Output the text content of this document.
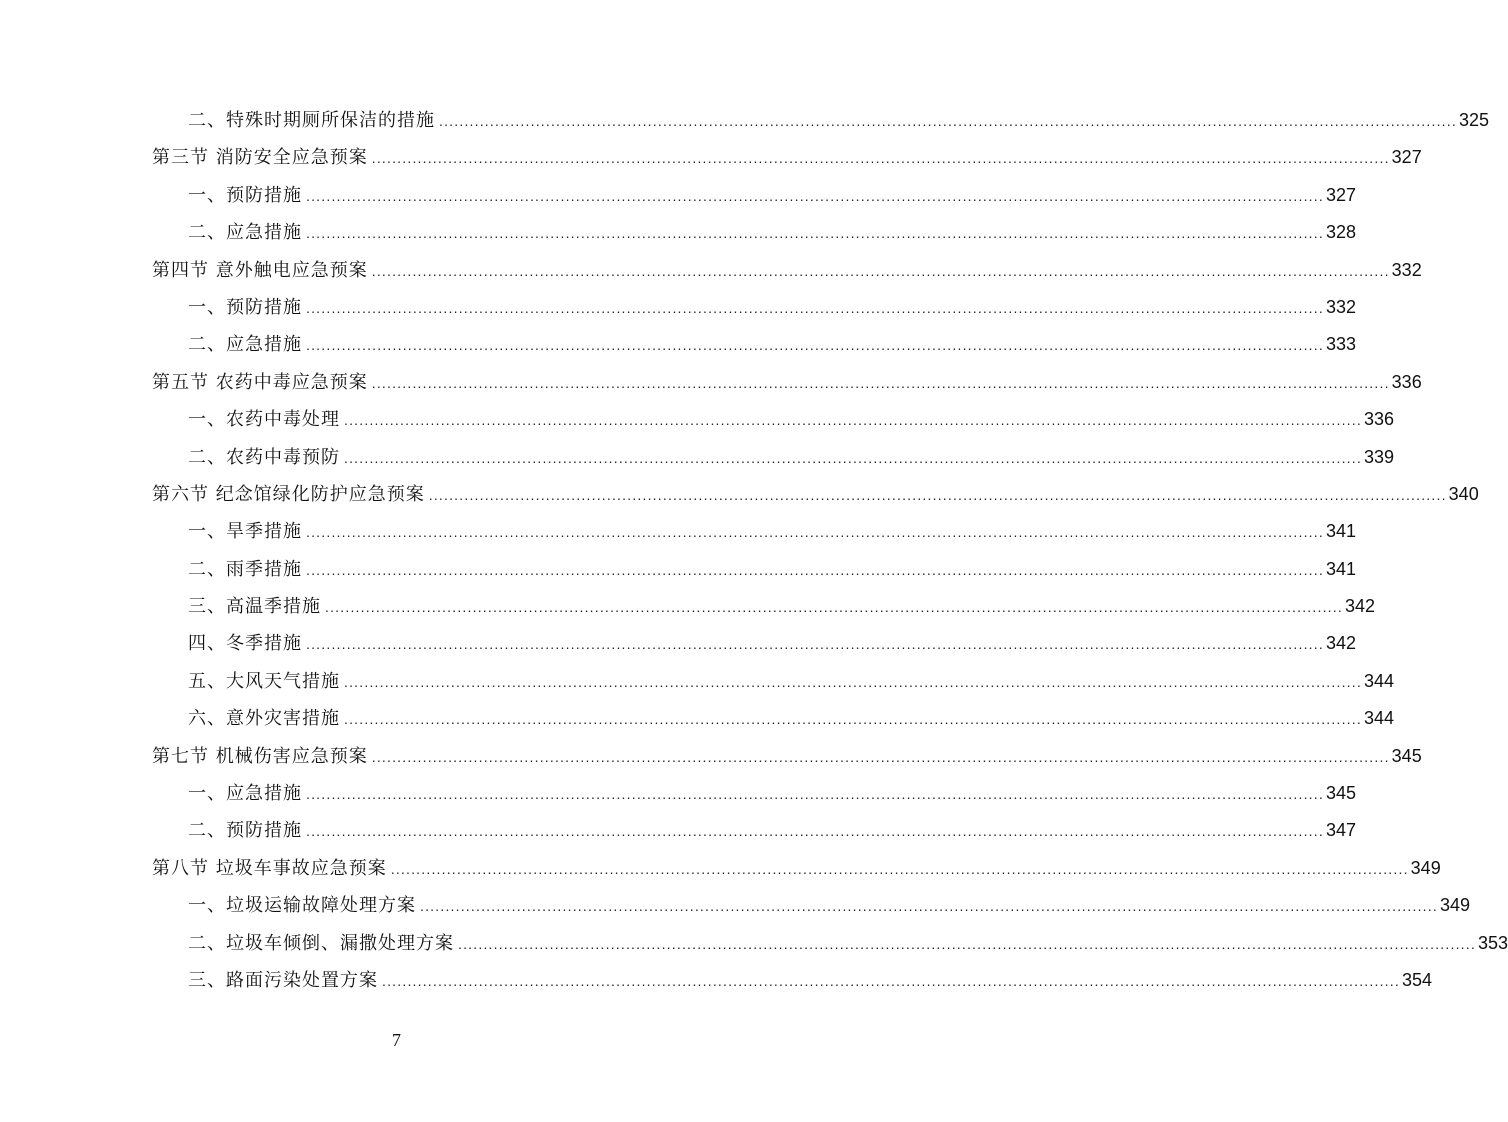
二、特殊时期厕所保洁的措施 ........................................................................................................................................................................................................ 325
第三节 消防安全应急预案 ........................................................................................................................................................................................................ 327
一、预防措施 ........................................................................................................................................................................................................ 327
二、应急措施 ........................................................................................................................................................................................................ 328
第四节 意外触电应急预案 ........................................................................................................................................................................................................ 332
一、预防措施 ........................................................................................................................................................................................................ 332
二、应急措施 ........................................................................................................................................................................................................ 333
第五节 农药中毒应急预案 ........................................................................................................................................................................................................ 336
一、农药中毒处理 ........................................................................................................................................................................................................ 336
二、农药中毒预防 ........................................................................................................................................................................................................ 339
第六节 纪念馆绿化防护应急预案 ........................................................................................................................................................................................................ 340
一、旱季措施 ........................................................................................................................................................................................................ 341
二、雨季措施 ........................................................................................................................................................................................................ 341
三、高温季措施 ........................................................................................................................................................................................................ 342
四、冬季措施 ........................................................................................................................................................................................................ 342
五、大风天气措施 ........................................................................................................................................................................................................ 344
六、意外灾害措施 ........................................................................................................................................................................................................ 344
第七节 机械伤害应急预案 ........................................................................................................................................................................................................ 345
一、应急措施 ........................................................................................................................................................................................................ 345
二、预防措施 ........................................................................................................................................................................................................ 347
第八节 垃圾车事故应急预案 ........................................................................................................................................................................................................ 349
一、垃圾运输故障处理方案 ........................................................................................................................................................................................................ 349
二、垃圾车倾倒、漏撒处理方案 ........................................................................................................................................................................................................ 353
三、路面污染处置方案 ........................................................................................................................................................................................................ 354
7
